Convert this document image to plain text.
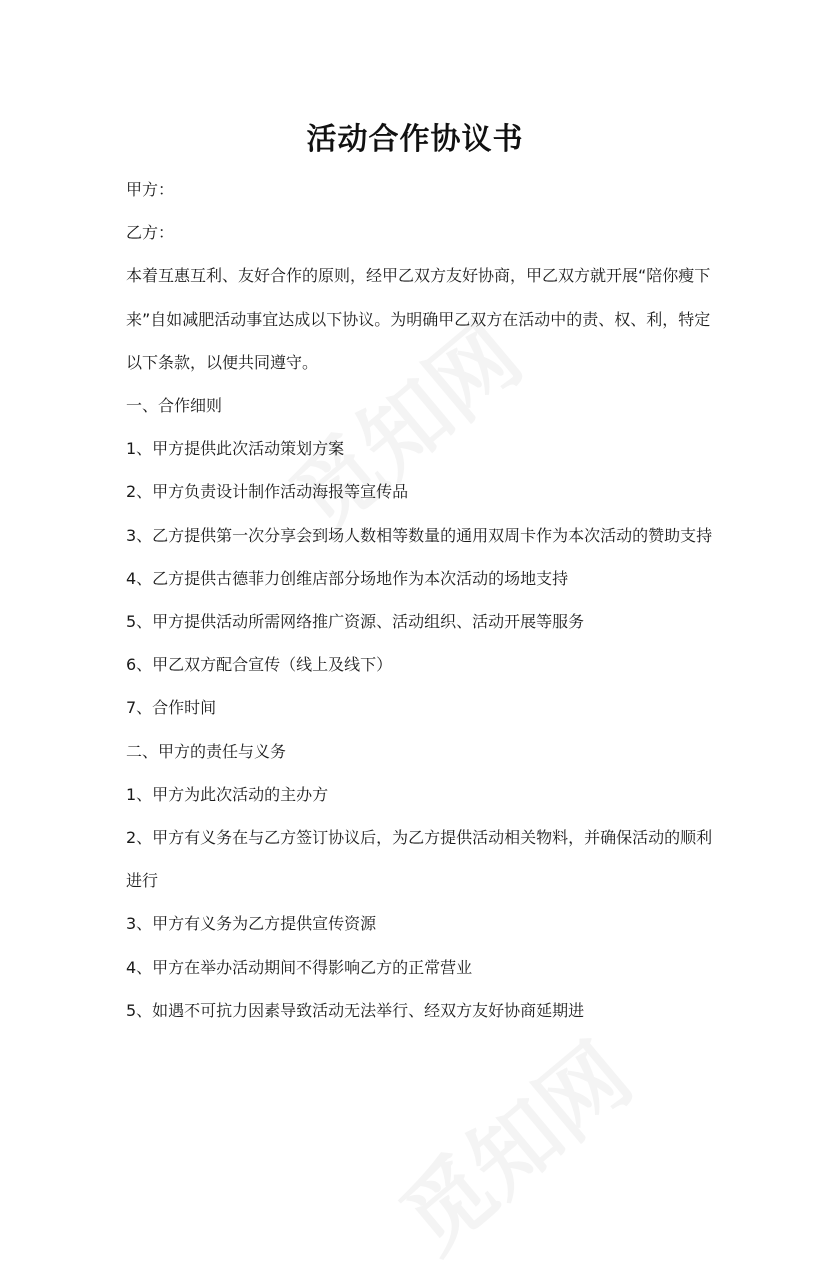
活动合作协议书

甲方：

乙方：

本着互惠互利、友好合作的原则，经甲乙双方友好协商，甲乙双方就开展“陪你瘦下来”自如减肥活动事宜达成以下协议。为明确甲乙双方在活动中的责、权、利，特定以下条款，以便共同遵守。

一、合作细则

1、甲方提供此次活动策划方案

2、甲方负责设计制作活动海报等宣传品

3、乙方提供第一次分享会到场人数相等数量的通用双周卡作为本次活动的赞助支持

4、乙方提供古德菲力创维店部分场地作为本次活动的场地支持

5、甲方提供活动所需网络推广资源、活动组织、活动开展等服务

6、甲乙双方配合宣传（线上及线下）

7、合作时间

二、甲方的责任与义务

1、甲方为此次活动的主办方

2、甲方有义务在与乙方签订协议后，为乙方提供活动相关物料，并确保活动的顺利进行

3、甲方有义务为乙方提供宣传资源

4、甲方在举办活动期间不得影响乙方的正常营业

5、如遇不可抗力因素导致活动无法举行、经双方友好协商延期进
